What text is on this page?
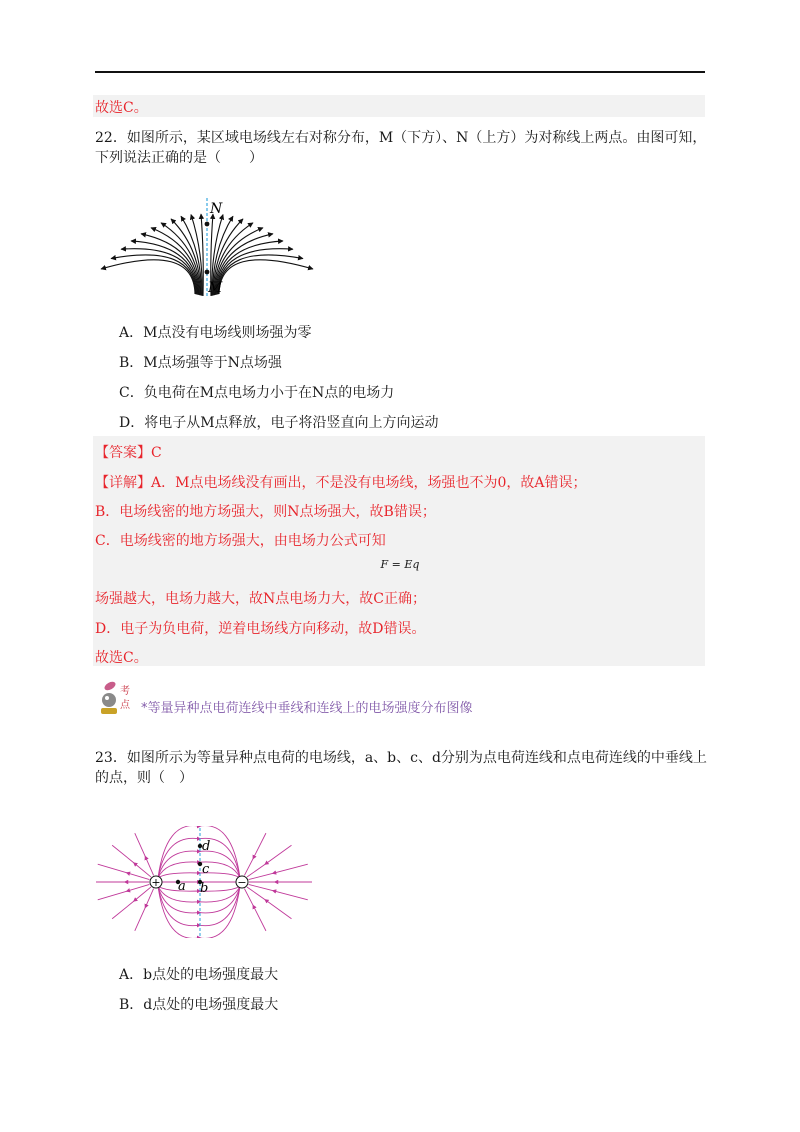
故选C。
22．如图所示，某区域电场线左右对称分布，M（下方）、N（上方）为对称线上两点。由图可知，下列说法正确的是（　　）
N
M
A．M点没有电场线则场强为零
B．M点场强等于N点场强
C．负电荷在M点电场力小于在N点的电场力
D．将电子从M点释放，电子将沿竖直向上方向运动
【答案】C
【详解】A．M点电场线没有画出，不是没有电场线，场强也不为0，故A错误；
B．电场线密的地方场强大，则N点场强大，故B错误；
C．电场线密的地方场强大，由电场力公式可知
F = Eq
场强越大，电场力越大，故N点电场力大，故C正确；
D．电子为负电荷，逆着电场线方向移动，故D错误。
故选C。
考
点 *等量异种点电荷连线中垂线和连线上的电场强度分布图像
23．如图所示为等量异种点电荷的电场线，a、b、c、d分别为点电荷连线和点电荷连线的中垂线上的点，则（　）
+	−
a b
c
d
A．b点处的电场强度最大
B．d点处的电场强度最大
